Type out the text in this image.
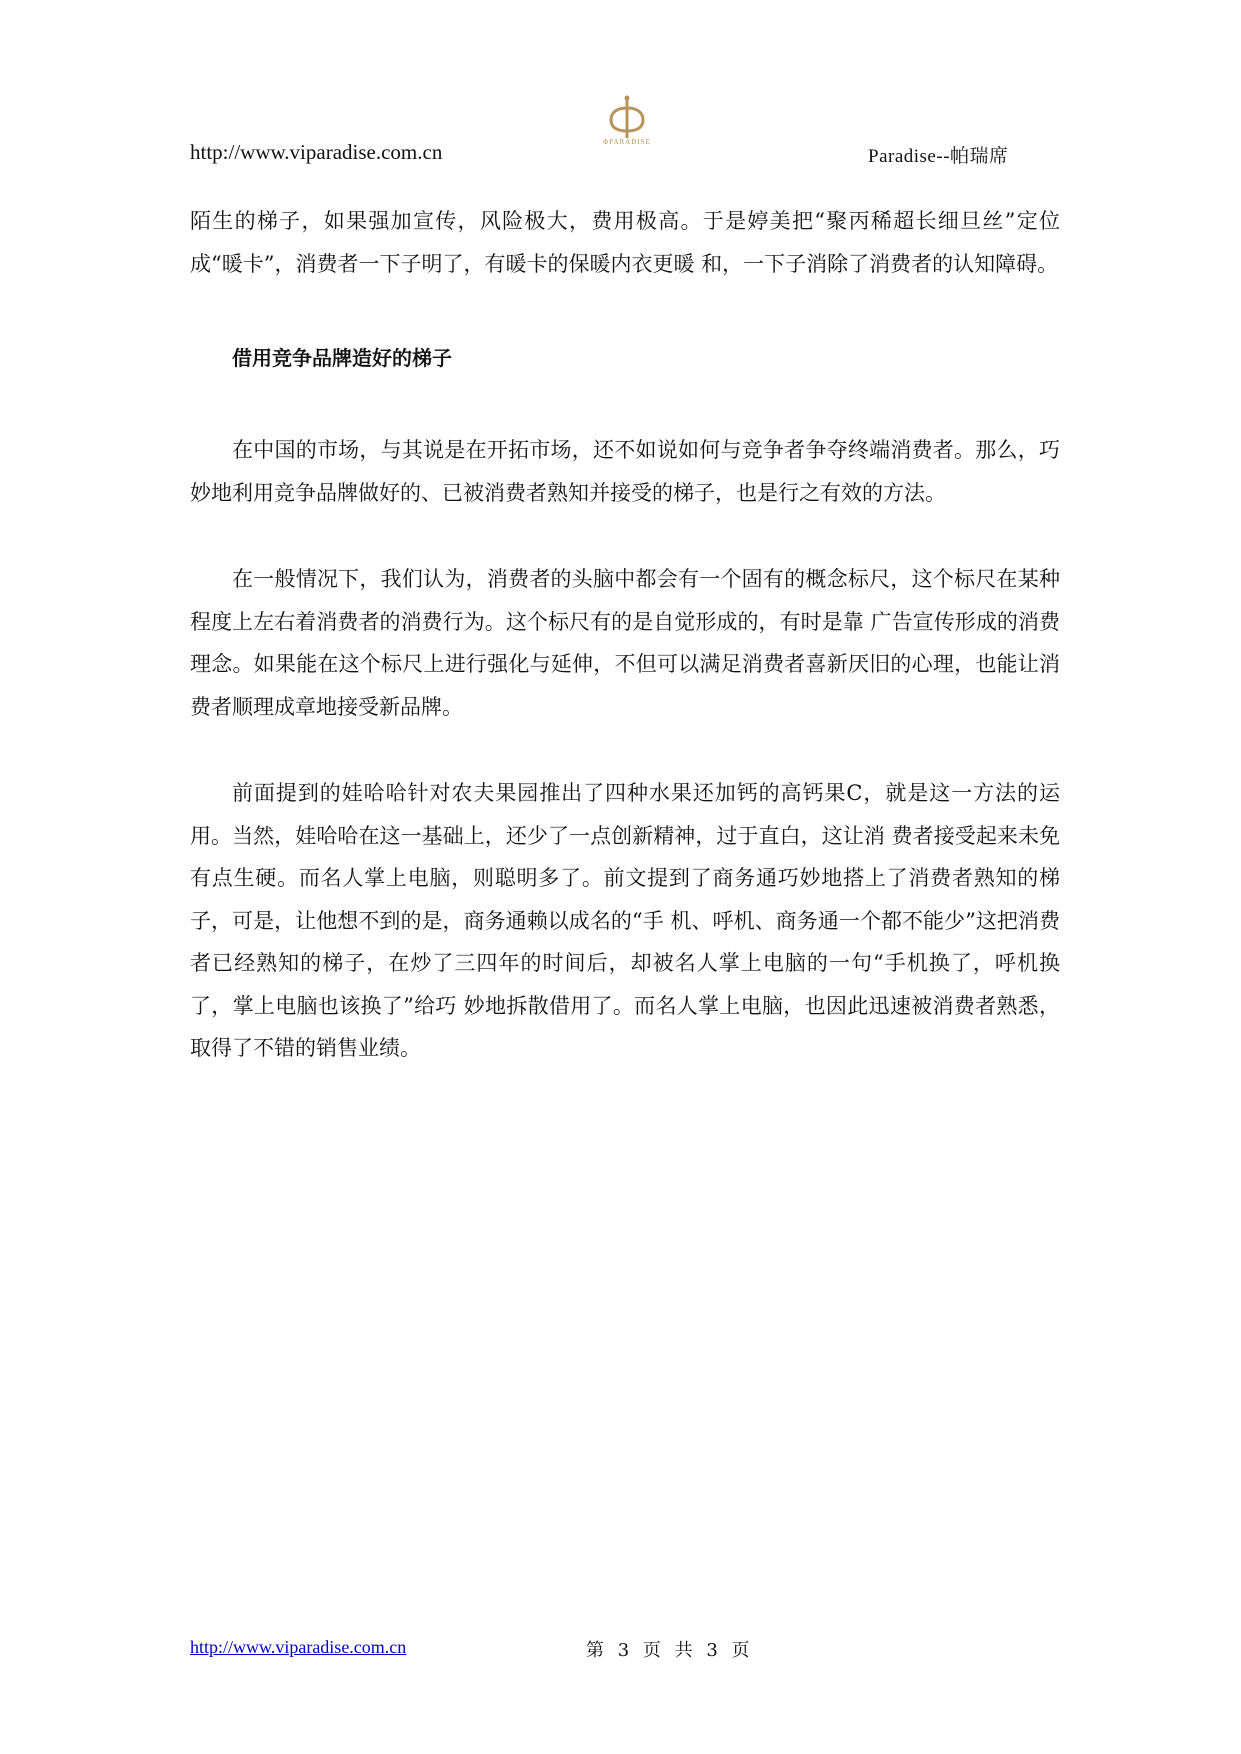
ΦPARADISE
http://www.viparadise.com.cn	Paradise--帕瑞席

陌生的梯子，如果强加宣传，风险极大，费用极高。于是婷美把“聚丙稀超长细旦丝”定位成“暖卡”，消费者一下子明了，有暖卡的保暖内衣更暖 和，一下子消除了消费者的认知障碍。

借用竞争品牌造好的梯子

在中国的市场，与其说是在开拓市场，还不如说如何与竞争者争夺终端消费者。那么，巧妙地利用竞争品牌做好的、已被消费者熟知并接受的梯子，也是行之有效的方法。

在一般情况下，我们认为，消费者的头脑中都会有一个固有的概念标尺，这个标尺在某种程度上左右着消费者的消费行为。这个标尺有的是自觉形成的，有时是靠 广告宣传形成的消费理念。如果能在这个标尺上进行强化与延伸，不但可以满足消费者喜新厌旧的心理，也能让消费者顺理成章地接受新品牌。

前面提到的娃哈哈针对农夫果园推出了四种水果还加钙的高钙果C，就是这一方法的运用。当然，娃哈哈在这一基础上，还少了一点创新精神，过于直白，这让消 费者接受起来未免有点生硬。而名人掌上电脑，则聪明多了。前文提到了商务通巧妙地搭上了消费者熟知的梯子，可是，让他想不到的是，商务通赖以成名的“手 机、呼机、商务通一个都不能少”这把消费者已经熟知的梯子，在炒了三四年的时间后，却被名人掌上电脑的一句“手机换了，呼机换了，掌上电脑也该换了”给巧 妙地拆散借用了。而名人掌上电脑，也因此迅速被消费者熟悉，取得了不错的销售业绩。

http://www.viparadise.com.cn	第 3 页 共 3 页
